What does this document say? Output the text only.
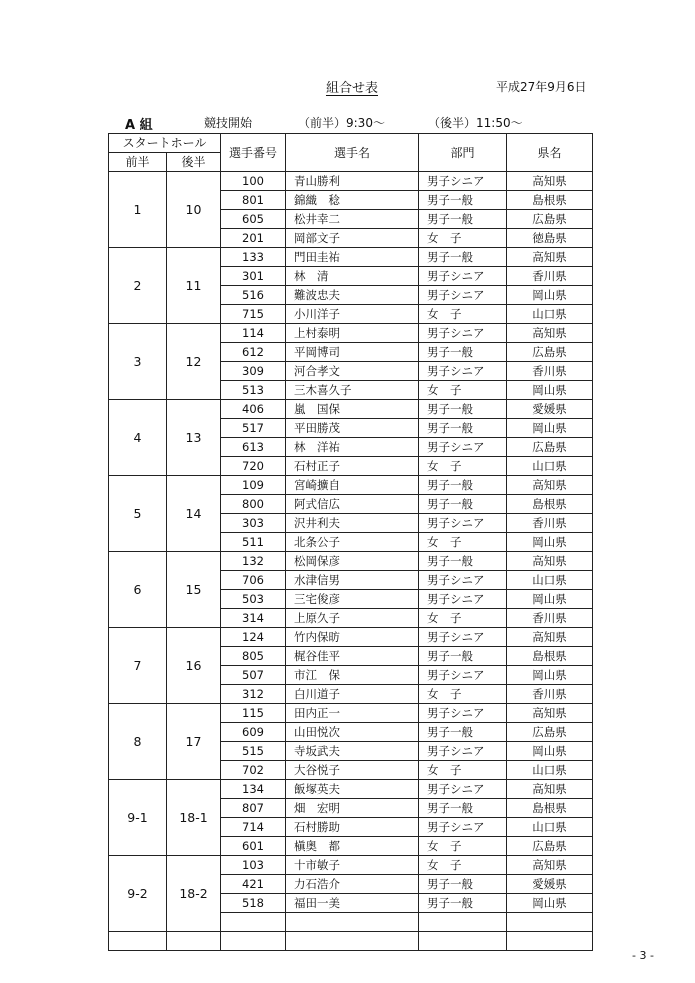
組合せ表	平成27年9月6日
A 組	競技開始	（前半）9:30～	（後半）11:50～
スタートホール		選手番号	選手名	部門	県名
前半	後半				
1	10	100	青山勝利	男子シニア	高知県
		801	錦織　稔	男子一般	島根県
		605	松井幸二	男子一般	広島県
		201	岡部文子	女　子	徳島県
2	11	133	門田圭祐	男子一般	高知県
		301	林　清	男子シニア	香川県
		516	難波忠夫	男子シニア	岡山県
		715	小川洋子	女　子	山口県
3	12	114	上村泰明	男子シニア	高知県
		612	平岡博司	男子一般	広島県
		309	河合孝文	男子シニア	香川県
		513	三木喜久子	女　子	岡山県
4	13	406	嵐　国保	男子一般	愛媛県
		517	平田勝茂	男子一般	岡山県
		613	林　洋祐	男子シニア	広島県
		720	石村正子	女　子	山口県
5	14	109	宮崎擴自	男子一般	高知県
		800	阿式信広	男子一般	島根県
		303	沢井利夫	男子シニア	香川県
		511	北条公子	女　子	岡山県
6	15	132	松岡保彦	男子一般	高知県
		706	水津信男	男子シニア	山口県
		503	三宅俊彦	男子シニア	岡山県
		314	上原久子	女　子	香川県
7	16	124	竹内保昉	男子シニア	高知県
		805	梶谷佳平	男子一般	島根県
		507	市江　保	男子シニア	岡山県
		312	白川道子	女　子	香川県
8	17	115	田内正一	男子シニア	高知県
		609	山田悦次	男子一般	広島県
		515	寺坂武夫	男子シニア	岡山県
		702	大谷悦子	女　子	山口県
9-1	18-1	134	飯塚英夫	男子シニア	高知県
		807	畑　宏明	男子一般	島根県
		714	石村勝助	男子シニア	山口県
		601	槇奥　都	女　子	広島県
9-2	18-2	103	十市敏子	女　子	高知県
		421	力石浩介	男子一般	愛媛県
		518	福田一美	男子一般	岡山県

- 3 -
